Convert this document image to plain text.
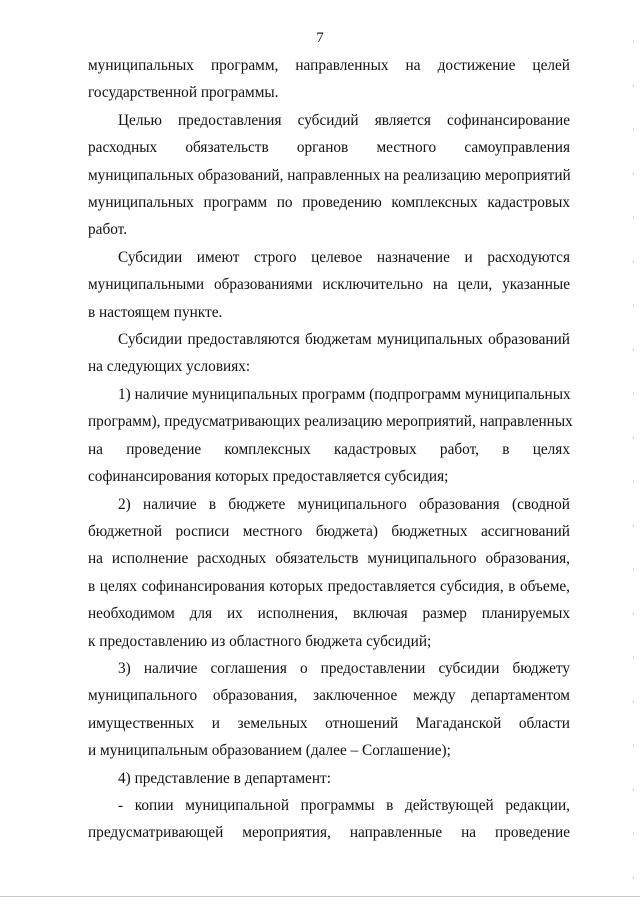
7

муниципальных программ, направленных на достижение целей
государственной программы.

Целью предоставления субсидий является софинансирование
расходных обязательств органов местного самоуправления
муниципальных образований, направленных на реализацию мероприятий
муниципальных программ по проведению комплексных кадастровых
работ.

Субсидии имеют строго целевое назначение и расходуются
муниципальными образованиями исключительно на цели, указанные
в настоящем пункте.

Субсидии предоставляются бюджетам муниципальных образований
на следующих условиях:

1) наличие муниципальных программ (подпрограмм муниципальных
программ), предусматривающих реализацию мероприятий, направленных
на проведение комплексных кадастровых работ, в целях
софинансирования которых предоставляется субсидия;

2) наличие в бюджете муниципального образования (сводной
бюджетной росписи местного бюджета) бюджетных ассигнований
на исполнение расходных обязательств муниципального образования,
в целях софинансирования которых предоставляется субсидия, в объеме,
необходимом для их исполнения, включая размер планируемых
к предоставлению из областного бюджета субсидий;

3) наличие соглашения о предоставлении субсидии бюджету
муниципального образования, заключенное между департаментом
имущественных и земельных отношений Магаданской области
и муниципальным образованием (далее – Соглашение);

4) представление в департамент:

- копии муниципальной программы в действующей редакции,
предусматривающей мероприятия, направленные на проведение
